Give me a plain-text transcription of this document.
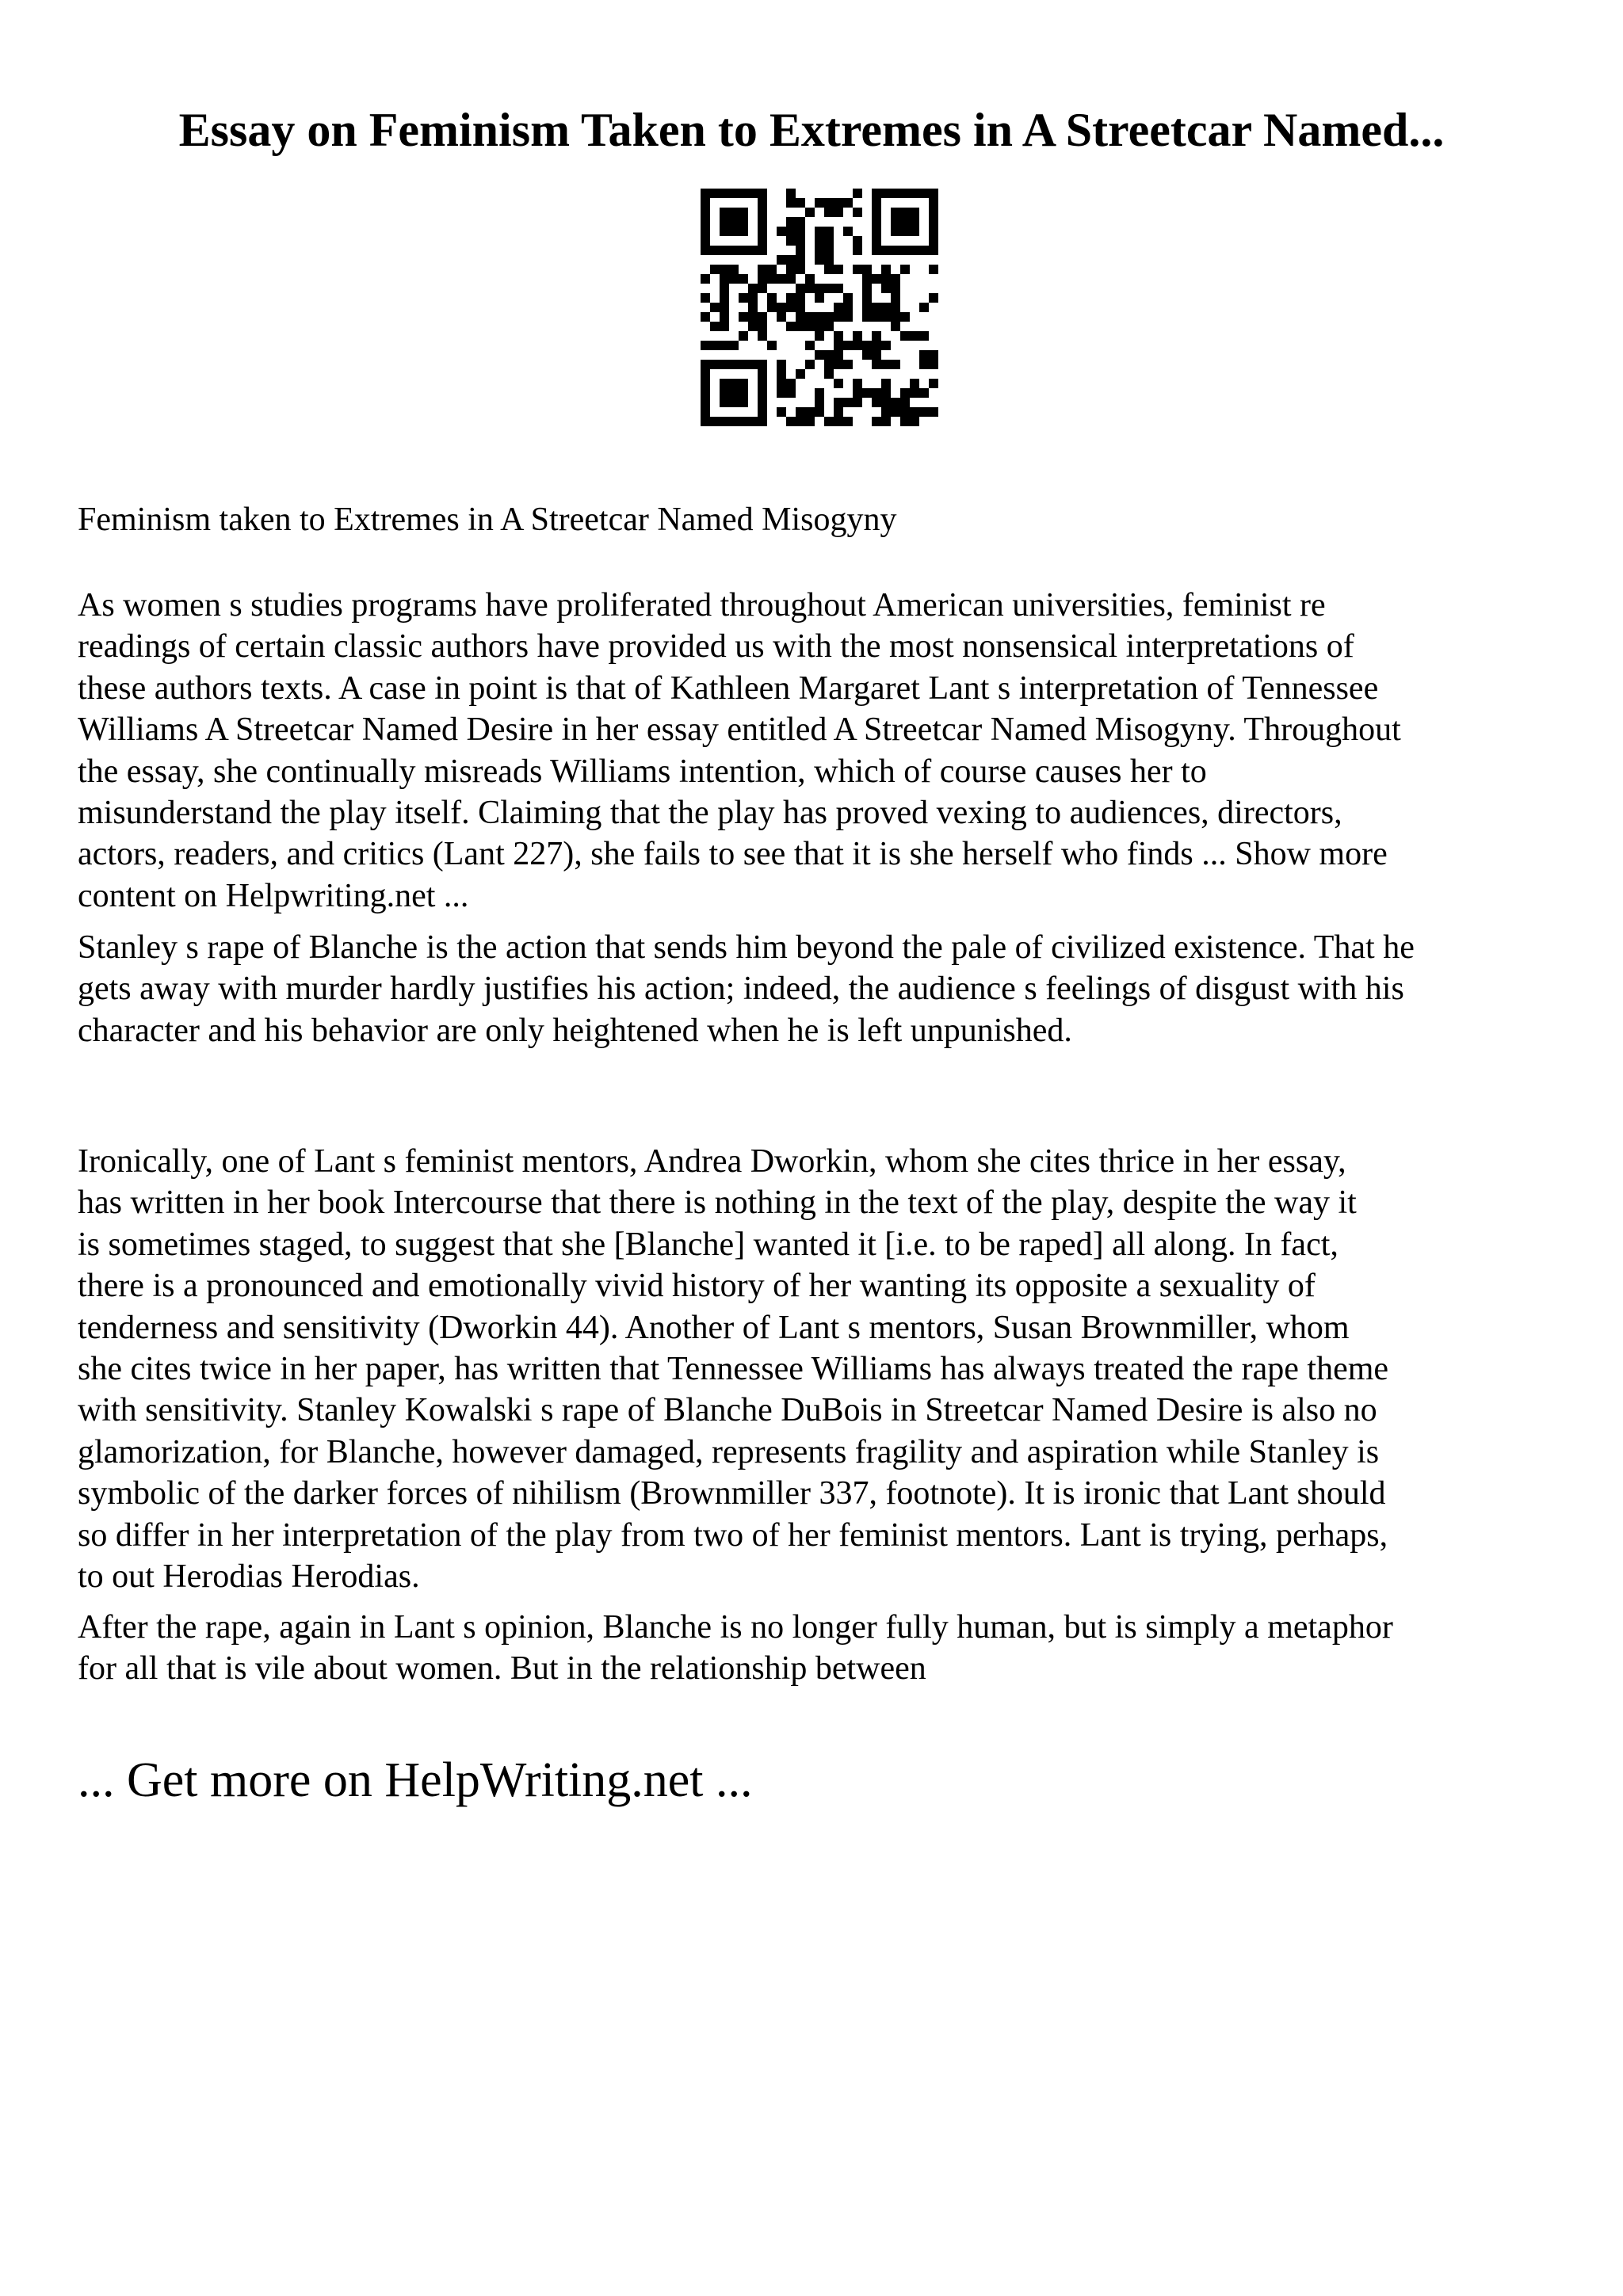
Essay on Feminism Taken to Extremes in A Streetcar Named...

Feminism taken to Extremes in A Streetcar Named Misogyny

As women s studies programs have proliferated throughout American universities, feminist re
readings of certain classic authors have provided us with the most nonsensical interpretations of
these authors texts. A case in point is that of Kathleen Margaret Lant s interpretation of Tennessee
Williams A Streetcar Named Desire in her essay entitled A Streetcar Named Misogyny. Throughout
the essay, she continually misreads Williams intention, which of course causes her to
misunderstand the play itself. Claiming that the play has proved vexing to audiences, directors,
actors, readers, and critics (Lant 227), she fails to see that it is she herself who finds ... Show more
content on Helpwriting.net ...

Stanley s rape of Blanche is the action that sends him beyond the pale of civilized existence. That he
gets away with murder hardly justifies his action; indeed, the audience s feelings of disgust with his
character and his behavior are only heightened when he is left unpunished.

Ironically, one of Lant s feminist mentors, Andrea Dworkin, whom she cites thrice in her essay,
has written in her book Intercourse that there is nothing in the text of the play, despite the way it
is sometimes staged, to suggest that she [Blanche] wanted it [i.e. to be raped] all along. In fact,
there is a pronounced and emotionally vivid history of her wanting its opposite a sexuality of
tenderness and sensitivity (Dworkin 44). Another of Lant s mentors, Susan Brownmiller, whom
she cites twice in her paper, has written that Tennessee Williams has always treated the rape theme
with sensitivity. Stanley Kowalski s rape of Blanche DuBois in Streetcar Named Desire is also no
glamorization, for Blanche, however damaged, represents fragility and aspiration while Stanley is
symbolic of the darker forces of nihilism (Brownmiller 337, footnote). It is ironic that Lant should
so differ in her interpretation of the play from two of her feminist mentors. Lant is trying, perhaps,
to out Herodias Herodias.

After the rape, again in Lant s opinion, Blanche is no longer fully human, but is simply a metaphor
for all that is vile about women. But in the relationship between

... Get more on HelpWriting.net ...
